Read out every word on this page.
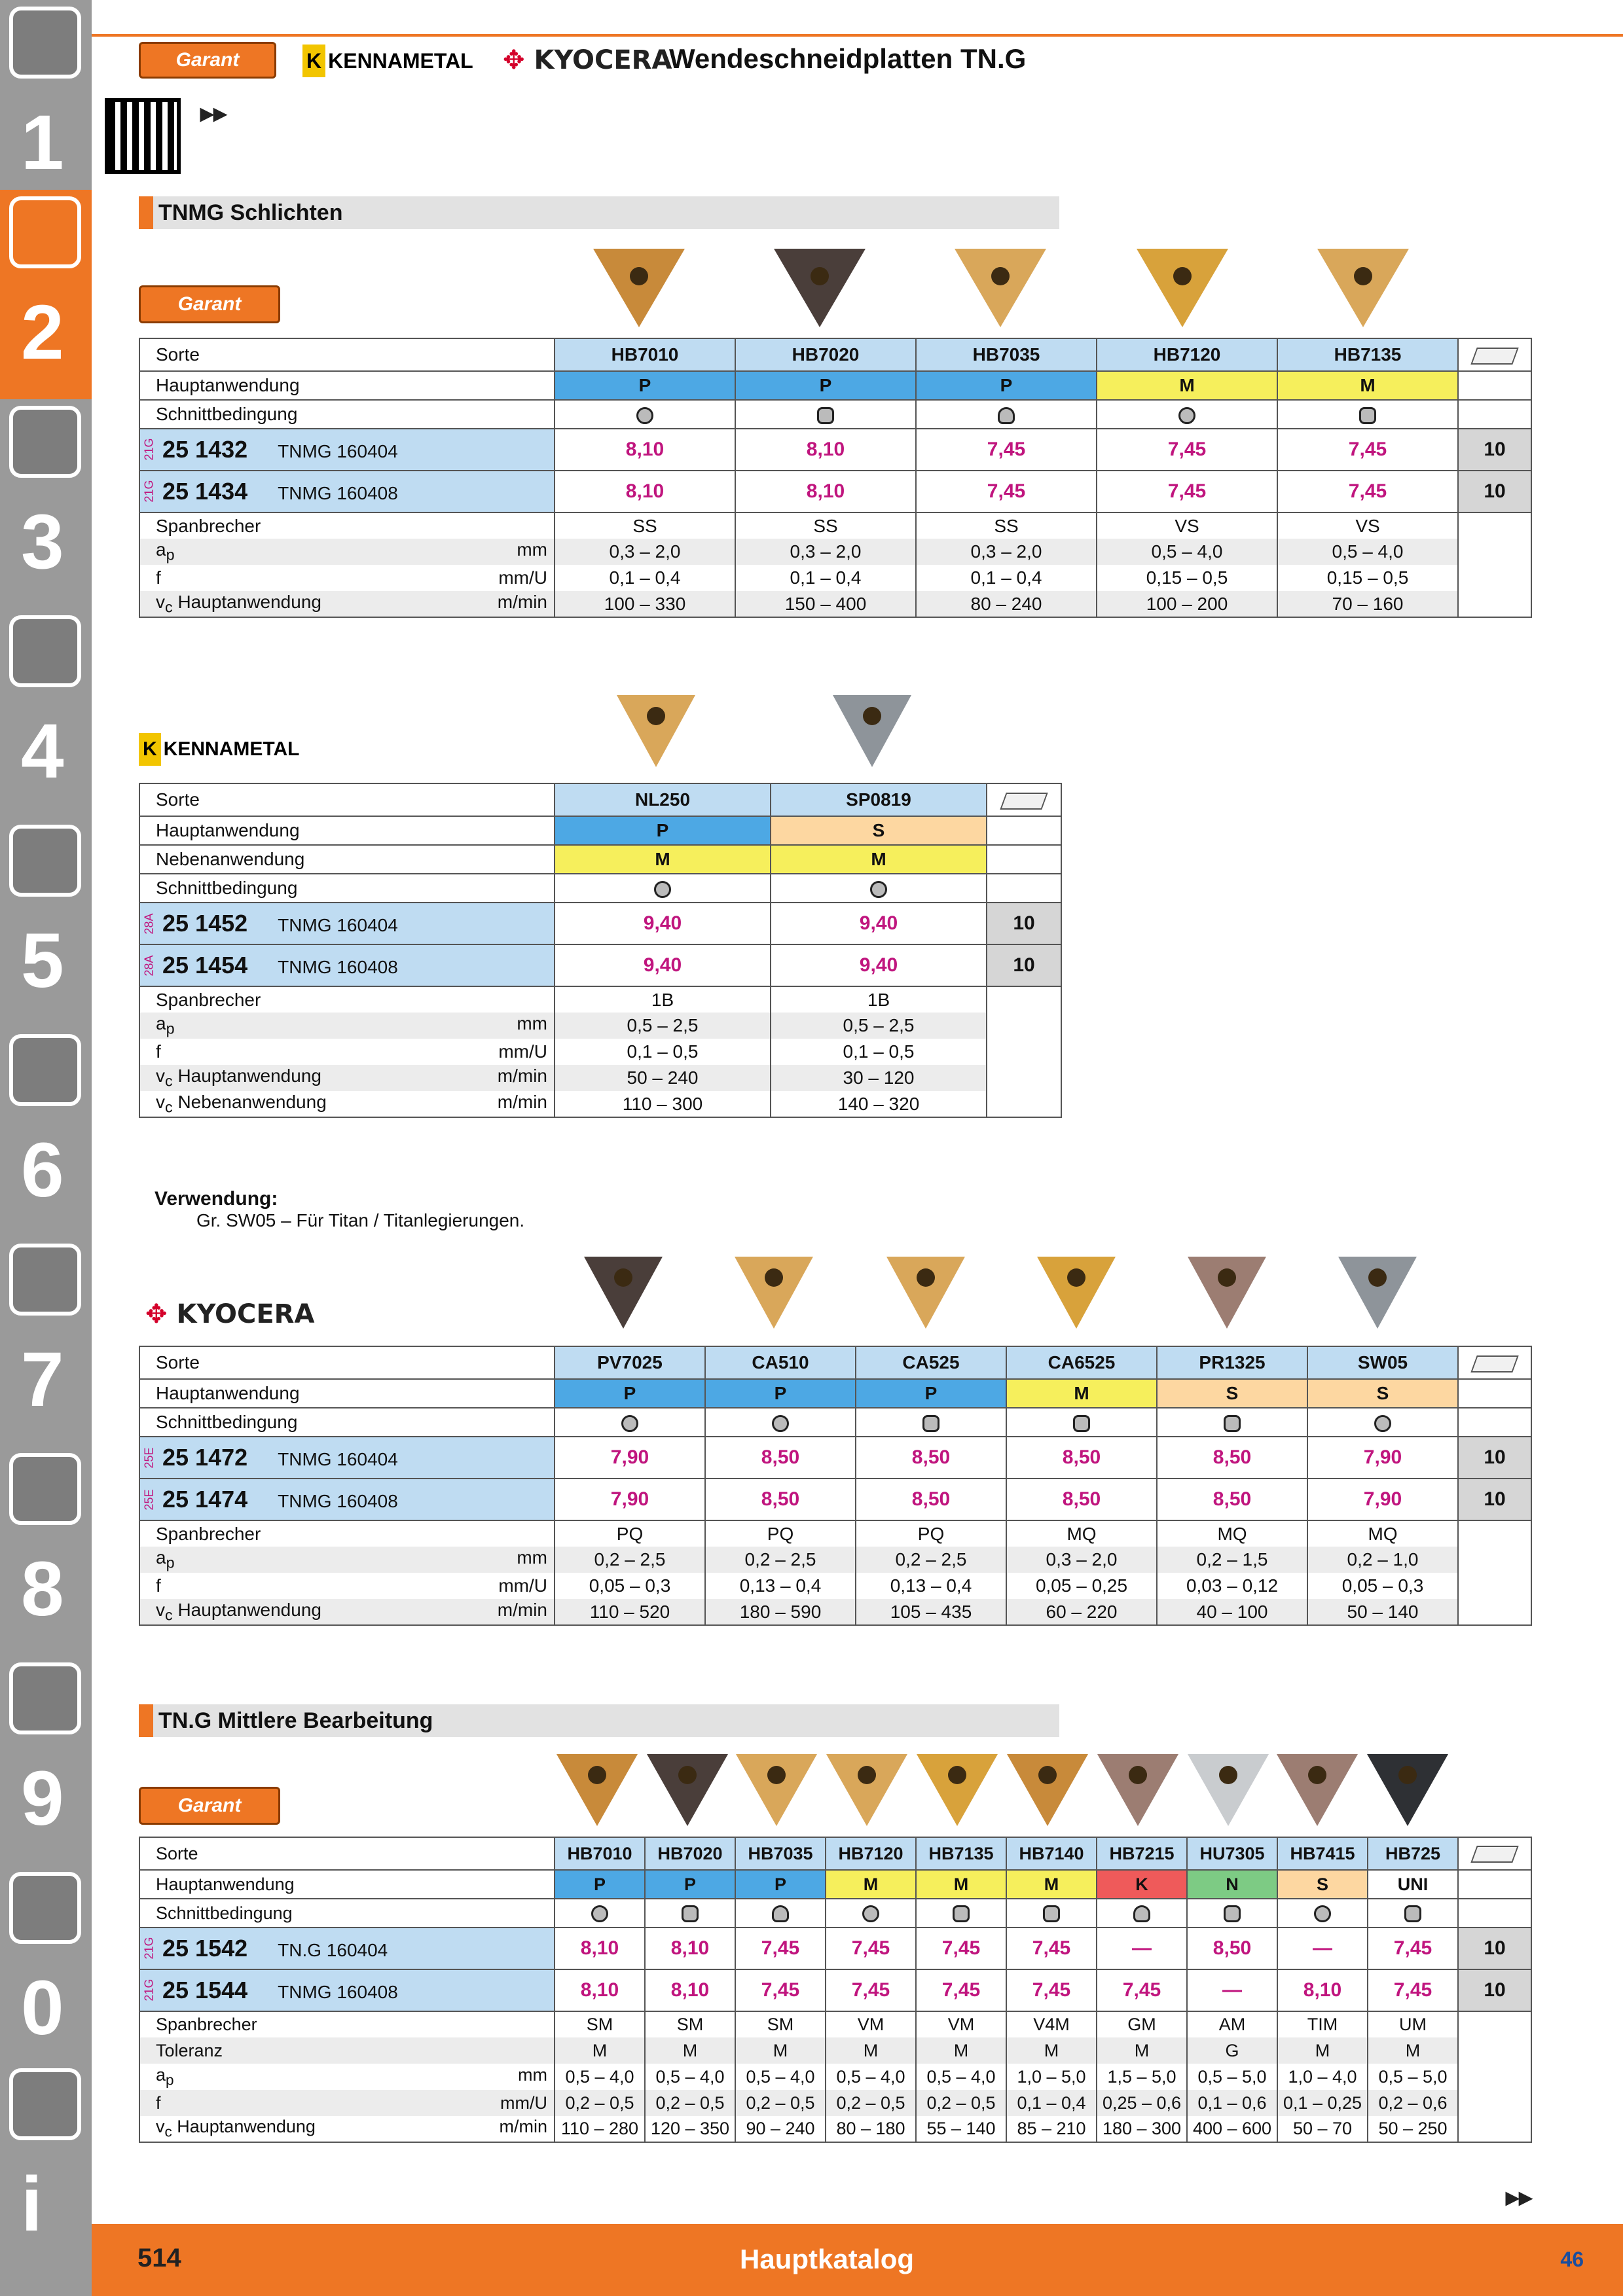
1
2
3
4
5
6
7
8
9
0
i
Garant	K KENNAMETAL ✥ KYOCERA
Wendeschneidplatten TN.G
▸▸
TNMG Schlichten
Garant
Sorte	HB7010	HB7020	HB7035	HB7120	HB7135	
Hauptanwendung	P	P	P	M	M	
Schnittbedingung						
21G 25 1432 TNMG 160404	8,10	8,10	7,45	7,45	7,45	10
21G 25 1434 TNMG 160408	8,10	8,10	7,45	7,45	7,45	10
Spanbrecher	SS	SS	SS	VS	VS	
$a_p$ mm	0,3 – 2,0	0,3 – 2,0	0,3 – 2,0	0,5 – 4,0	0,5 – 4,0	
f mm/U	0,1 – 0,4	0,1 – 0,4	0,1 – 0,4	0,15 – 0,5	0,15 – 0,5	
$v_c$ Hauptanwendung m/min	100 – 330	150 – 400	80 – 240	100 – 200	70 – 160	
K KENNAMETAL
Sorte	NL250	SP0819	
Hauptanwendung	P	S	
Nebenanwendung	M	M	
Schnittbedingung			
28A 25 1452 TNMG 160404	9,40	9,40	10
28A 25 1454 TNMG 160408	9,40	9,40	10
Spanbrecher	1B	1B	
$a_p$ mm	0,5 – 2,5	0,5 – 2,5	
f mm/U	0,1 – 0,5	0,1 – 0,5	
$v_c$ Hauptanwendung m/min	50 – 240	30 – 120	
$v_c$ Nebenanwendung m/min	110 – 300	140 – 320	
Verwendung:
Gr. SW05 – Für Titan / Titanlegierungen.
✥ KYOCERA
Sorte	PV7025	CA510	CA525	CA6525	PR1325	SW05	
Hauptanwendung	P	P	P	M	S	S	
Schnittbedingung							
25E 25 1472 TNMG 160404	7,90	8,50	8,50	8,50	8,50	7,90	10
25E 25 1474 TNMG 160408	7,90	8,50	8,50	8,50	8,50	7,90	10
Spanbrecher	PQ	PQ	PQ	MQ	MQ	MQ	
$a_p$ mm	0,2 – 2,5	0,2 – 2,5	0,2 – 2,5	0,3 – 2,0	0,2 – 1,5	0,2 – 1,0	
f mm/U	0,05 – 0,3	0,13 – 0,4	0,13 – 0,4	0,05 – 0,25	0,03 – 0,12	0,05 – 0,3	
$v_c$ Hauptanwendung m/min	110 – 520	180 – 590	105 – 435	60 – 220	40 – 100	50 – 140	
TN.G Mittlere Bearbeitung
Garant
Sorte	HB7010	HB7020	HB7035	HB7120	HB7135	HB7140	HB7215	HU7305	HB7415	HB725	
Hauptanwendung	P	P	P	M	M	M	K	N	S	UNI	
Schnittbedingung											
21G 25 1542 TN.G 160404	8,10	8,10	7,45	7,45	7,45	7,45	—	8,50	—	7,45	10
21G 25 1544 TNMG 160408	8,10	8,10	7,45	7,45	7,45	7,45	7,45	—	8,10	7,45	10
Spanbrecher	SM	SM	SM	VM	VM	V4M	GM	AM	TIM	UM	
Toleranz	M	M	M	M	M	M	M	G	M	M	
$a_p$ mm	0,5 – 4,0	0,5 – 4,0	0,5 – 4,0	0,5 – 4,0	0,5 – 4,0	1,0 – 5,0	1,5 – 5,0	0,5 – 5,0	1,0 – 4,0	0,5 – 5,0	
f mm/U	0,2 – 0,5	0,2 – 0,5	0,2 – 0,5	0,2 – 0,5	0,2 – 0,5	0,1 – 0,4	0,25 – 0,6	0,1 – 0,6	0,1 – 0,25	0,2 – 0,6	
$v_c$ Hauptanwendung m/min	110 – 280	120 – 350	90 – 240	80 – 180	55 – 140	85 – 210	180 – 300	400 – 600	50 – 70	50 – 250	
▸▸
514	Hauptkatalog	46
